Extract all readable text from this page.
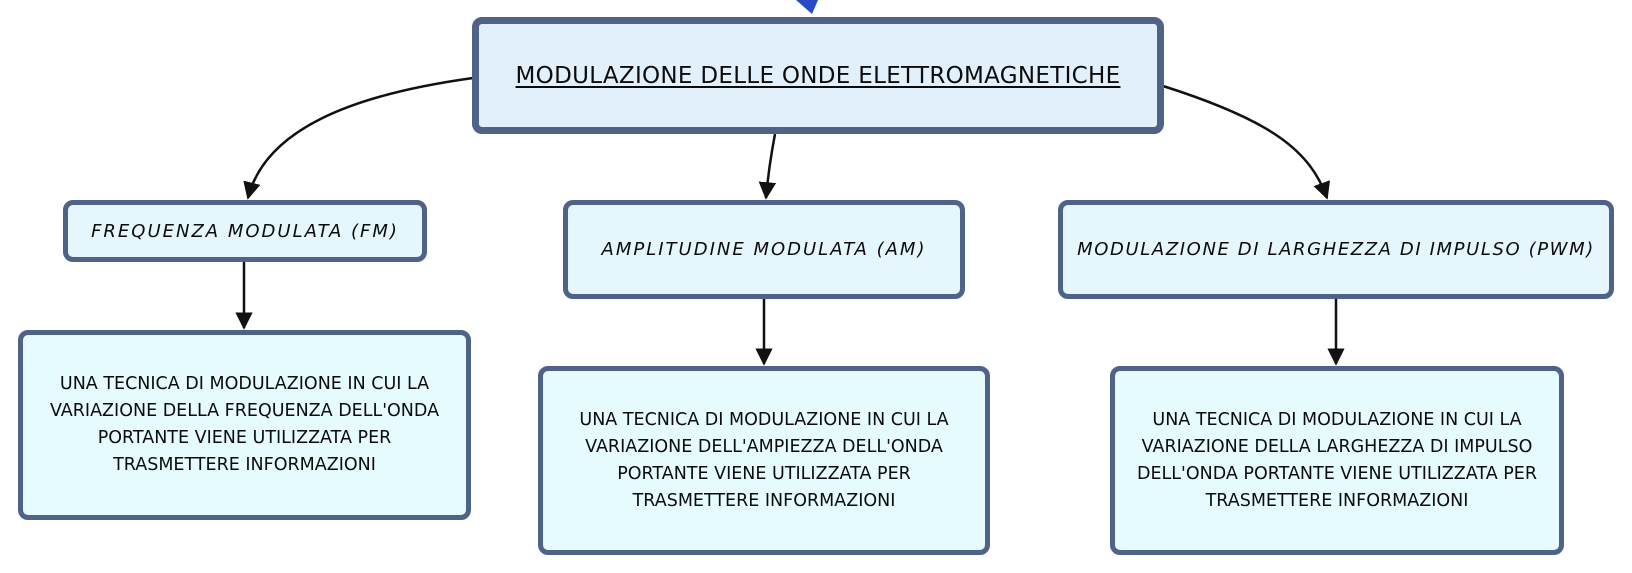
MODULAZIONE DELLE ONDE ELETTROMAGNETICHE
FREQUENZA MODULATA (FM)
AMPLITUDINE MODULATA (AM)	MODULAZIONE DI LARGHEZZA DI IMPULSO (PWM)
UNA TECNICA DI MODULAZIONE IN CUI LA VARIAZIONE DELLA FREQUENZA DELL'ONDA PORTANTE VIENE UTILIZZATA PER TRASMETTERE INFORMAZIONI
UNA TECNICA DI MODULAZIONE IN CUI LA VARIAZIONE DELL'AMPIEZZA DELL'ONDA PORTANTE VIENE UTILIZZATA PER TRASMETTERE INFORMAZIONI
UNA TECNICA DI MODULAZIONE IN CUI LA VARIAZIONE DELLA LARGHEZZA DI IMPULSO DELL'ONDA PORTANTE VIENE UTILIZZATA PER TRASMETTERE INFORMAZIONI
